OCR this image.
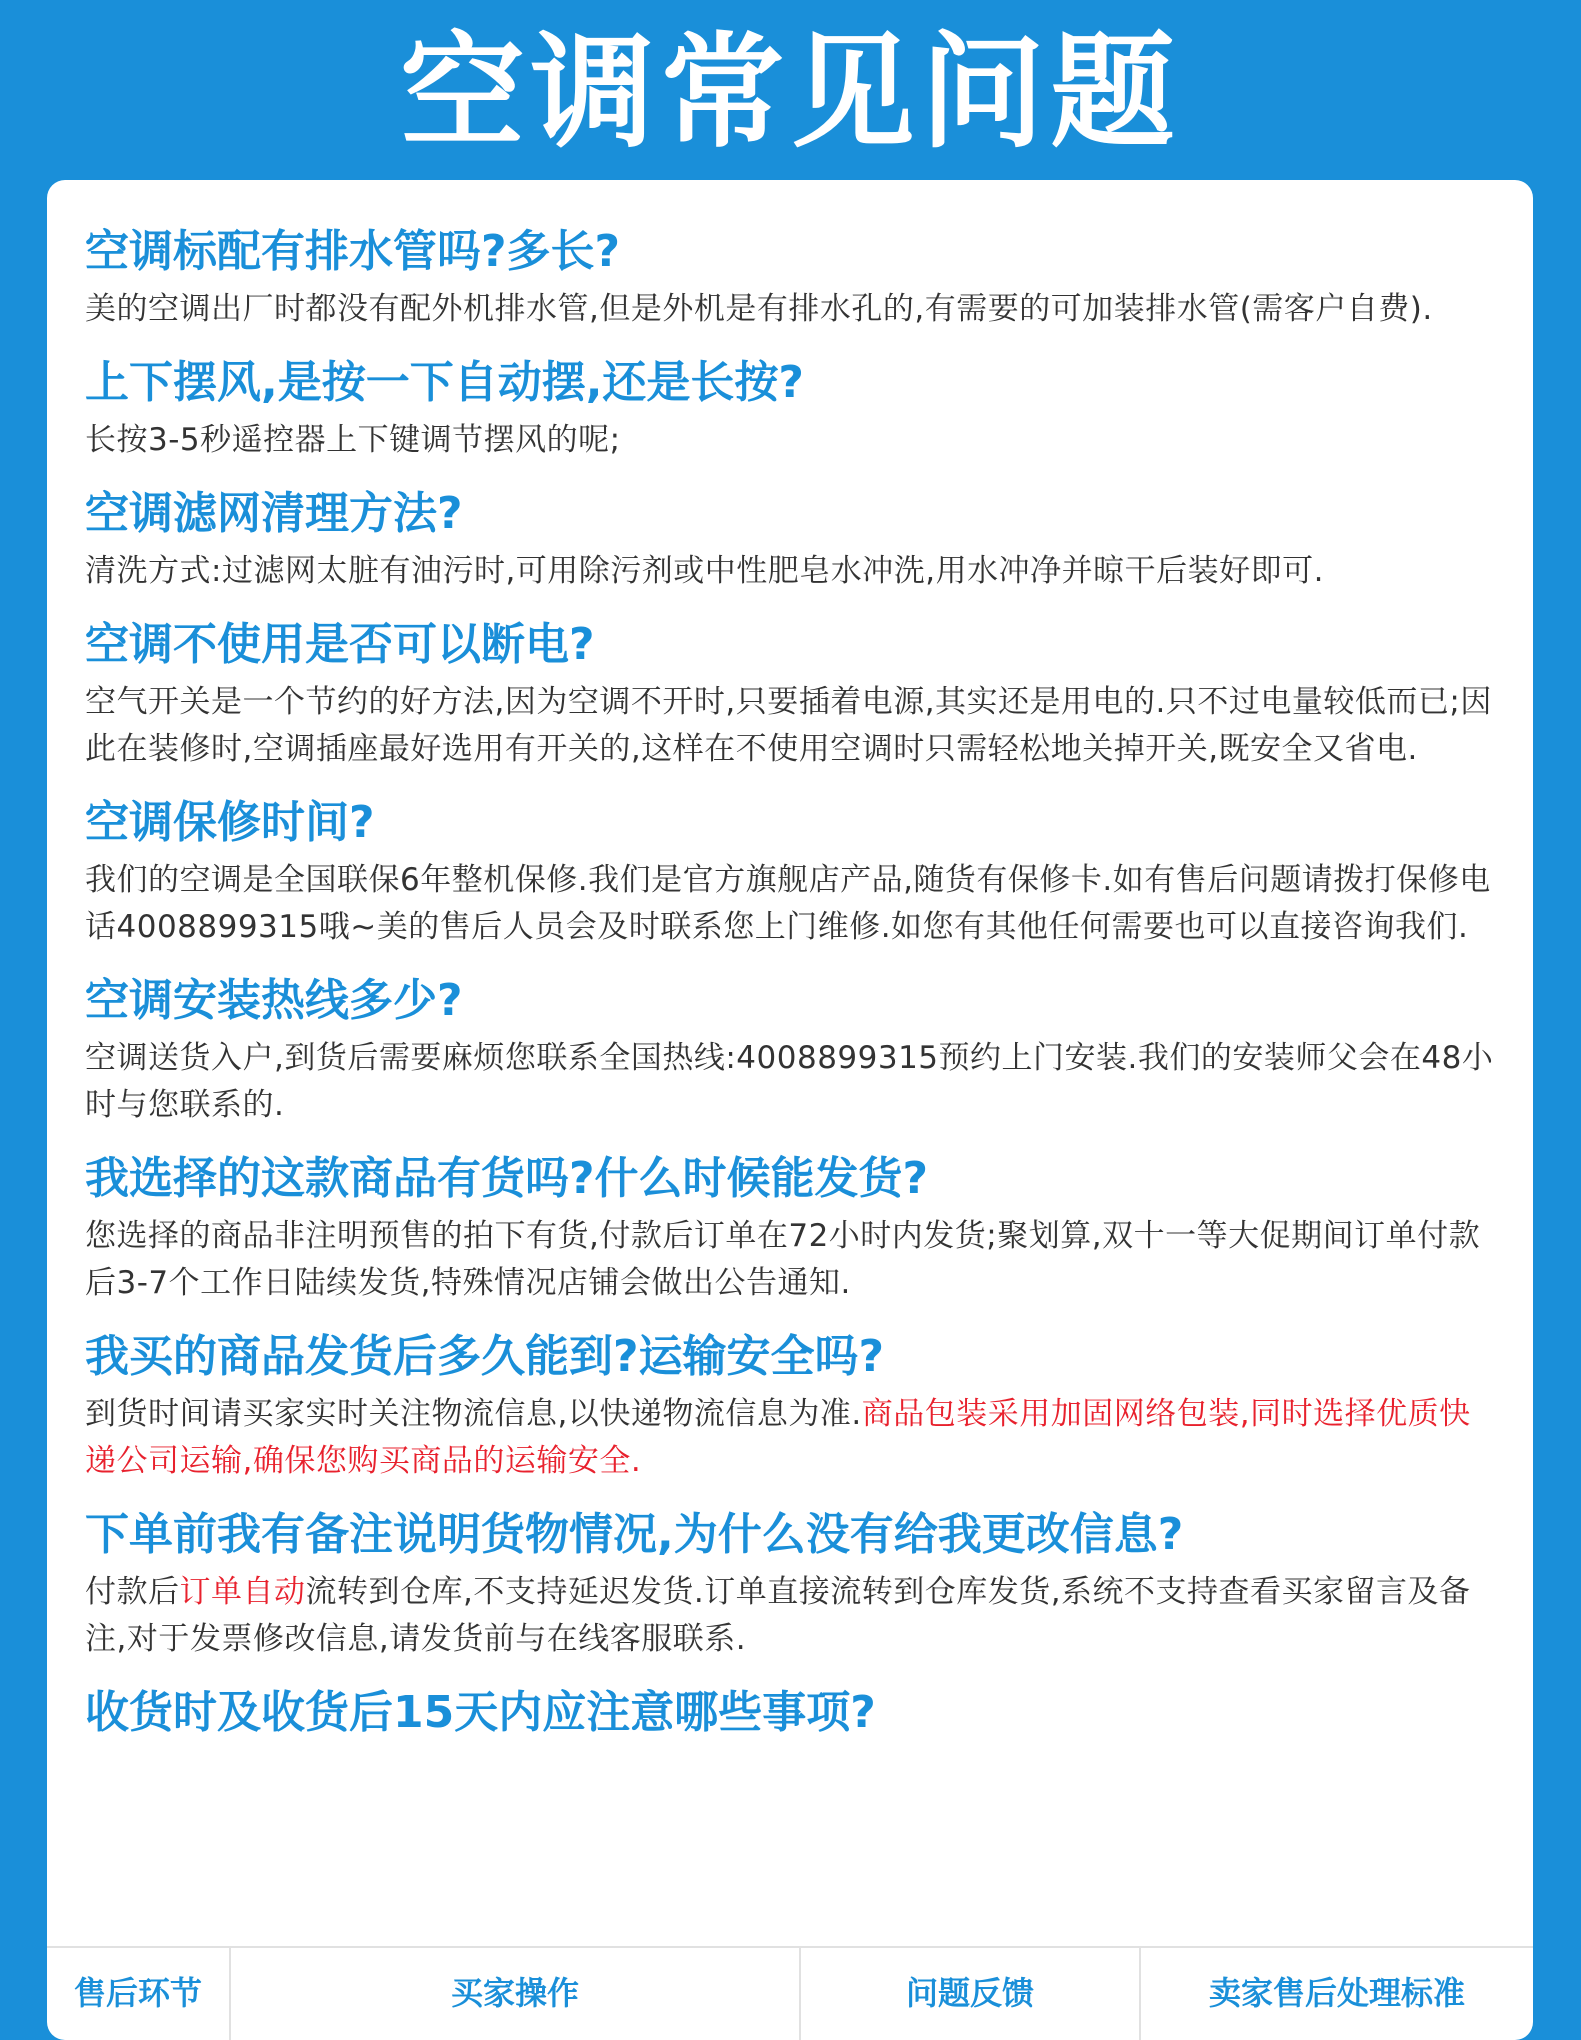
空调常见问题
空调标配有排水管吗?多长?
美的空调出厂时都没有配外机排水管,但是外机是有排水孔的,有需要的可加装排水管(需客户自费).
上下摆风,是按一下自动摆,还是长按?
长按3-5秒遥控器上下键调节摆风的呢;
空调滤网清理方法?
清洗方式:过滤网太脏有油污时,可用除污剂或中性肥皂水冲洗,用水冲净并晾干后装好即可.
空调不使用是否可以断电?
空气开关是一个节约的好方法,因为空调不开时,只要插着电源,其实还是用电的.只不过电量较低而已;因此在装修时,空调插座最好选用有开关的,这样在不使用空调时只需轻松地关掉开关,既安全又省电.
空调保修时间?
我们的空调是全国联保6年整机保修.我们是官方旗舰店产品,随货有保修卡.如有售后问题请拨打保修电话4008899315哦~美的售后人员会及时联系您上门维修.如您有其他任何需要也可以直接咨询我们.
空调安装热线多少?
空调送货入户,到货后需要麻烦您联系全国热线:4008899315预约上门安装.我们的安装师父会在48小时与您联系的.
我选择的这款商品有货吗?什么时候能发货?
您选择的商品非注明预售的拍下有货,付款后订单在72小时内发货;聚划算,双十一等大促期间订单付款后3-7个工作日陆续发货,特殊情况店铺会做出公告通知.
我买的商品发货后多久能到?运输安全吗?
到货时间请买家实时关注物流信息,以快递物流信息为准.商品包装采用加固网络包装,同时选择优质快递公司运输,确保您购买商品的运输安全.
下单前我有备注说明货物情况,为什么没有给我更改信息?
付款后订单自动流转到仓库,不支持延迟发货.订单直接流转到仓库发货,系统不支持查看买家留言及备注,对于发票修改信息,请发货前与在线客服联系.
收货时及收货后15天内应注意哪些事项?
售后环节	买家操作	问题反馈	卖家售后处理标准
